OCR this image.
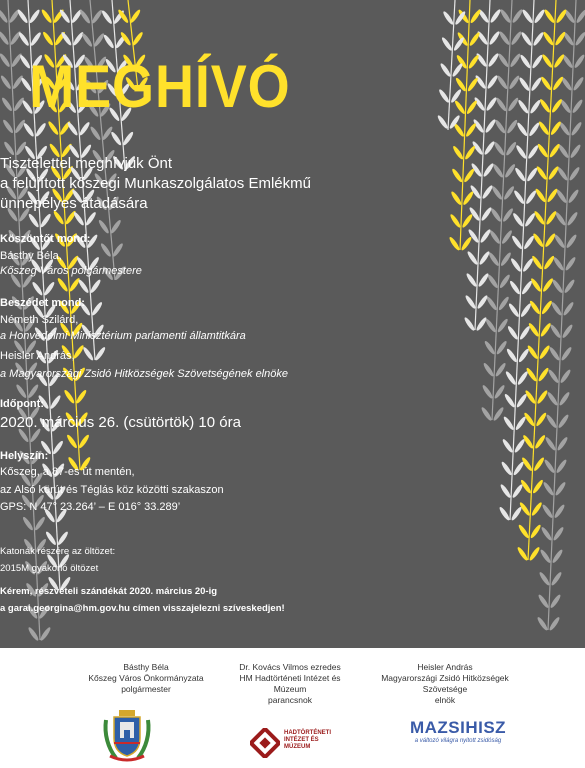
MEGHÍVÓ
Tisztelettel meghívjuk Önt
a felújított kőszegi Munkaszolgálatos Emlékmű
ünnepélyes átadására
Köszöntőt mond:
Básthy Béla,
Kőszeg Város polgármestere
Beszédet mond:
Németh Szilárd,
a Honvédelmi Minisztérium parlamenti államtitkára
Heisler András,
a Magyarországi Zsidó Hitközségek Szövetségének elnöke
Időpont:
2020. március 26. (csütörtök) 10 óra
Helyszín:
Kőszeg, a 87-es út mentén,
az Alsó körút és Téglás köz közötti szakaszon
GPS: N 47° 23.264’ – E 016° 33.289’
Katonák részére az öltözet:
2015M gyakorló öltözet
Kérem, részvételi szándékát 2020. március 20-ig
a garai.georgina@hm.gov.hu címen visszajelezni szíveskedjen!
Básthy Béla
Kőszeg Város Önkormányzata
polgármester
Dr. Kovács Vilmos ezredes
HM Hadtörténeti Intézet és
Múzeum
parancsnok
Heisler András
Magyarországi Zsidó Hitközségek
Szövetsége
elnök
HADTÖRTÉNETI
INTÉZET ÉS
MÚZEUM
MAZSIHISZ
a változó világra nyitott zsidóság
